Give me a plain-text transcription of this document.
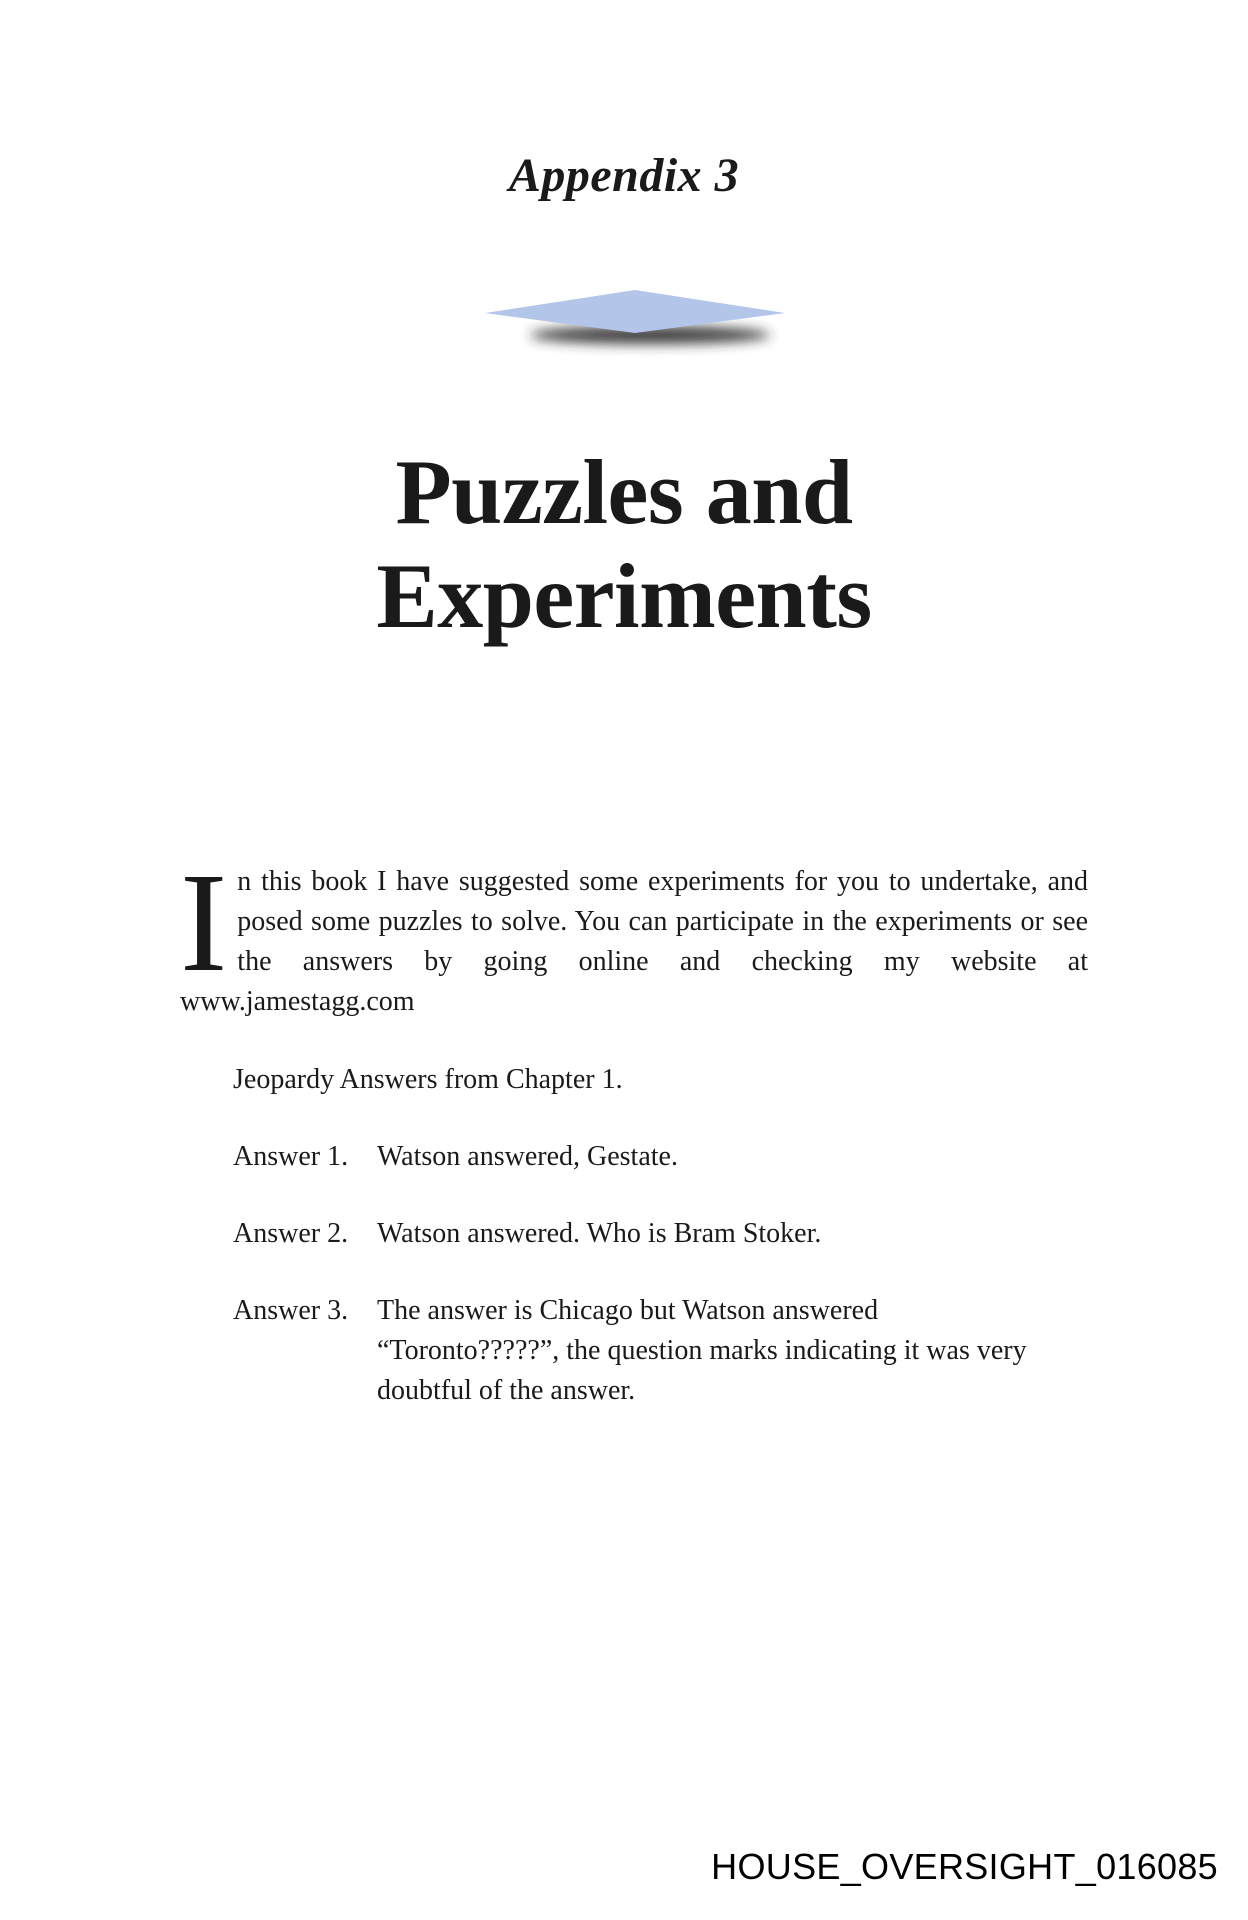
Appendix 3
Puzzles and
Experiments

In this book I have suggested some experiments for you to undertake, and posed some puzzles to solve. You can participate in the experiments or see the answers by going online and checking my website at www.jamestagg.com

Jeopardy Answers from Chapter 1.

Answer 1.	Watson answered, Gestate.
Answer 2.	Watson answered. Who is Bram Stoker.
Answer 3.	The answer is Chicago but Watson answered “Toronto?????”, the question marks indicating it was very doubtful of the answer.
HOUSE_OVERSIGHT_016085
